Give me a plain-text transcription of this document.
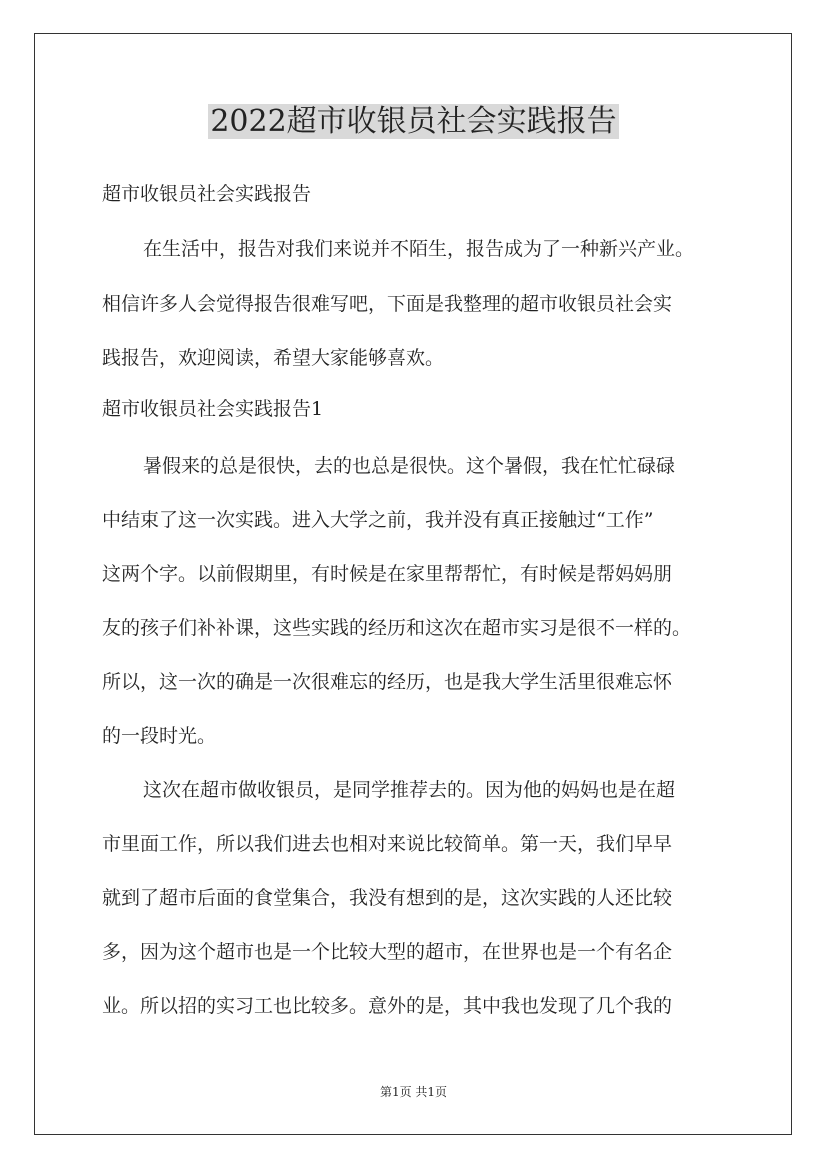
2022超市收银员社会实践报告
超市收银员社会实践报告
在生活中，报告对我们来说并不陌生，报告成为了一种新兴产业。
相信许多人会觉得报告很难写吧，下面是我整理的超市收银员社会实
践报告，欢迎阅读，希望大家能够喜欢。
超市收银员社会实践报告1
暑假来的总是很快，去的也总是很快。这个暑假，我在忙忙碌碌
中结束了这一次实践。进入大学之前，我并没有真正接触过“工作”
这两个字。以前假期里，有时候是在家里帮帮忙，有时候是帮妈妈朋
友的孩子们补补课，这些实践的经历和这次在超市实习是很不一样的。
所以，这一次的确是一次很难忘的经历，也是我大学生活里很难忘怀
的一段时光。
这次在超市做收银员，是同学推荐去的。因为他的妈妈也是在超
市里面工作，所以我们进去也相对来说比较简单。第一天，我们早早
就到了超市后面的食堂集合，我没有想到的是，这次实践的人还比较
多，因为这个超市也是一个比较大型的超市，在世界也是一个有名企
业。所以招的实习工也比较多。意外的是，其中我也发现了几个我的
第1页 共1页
